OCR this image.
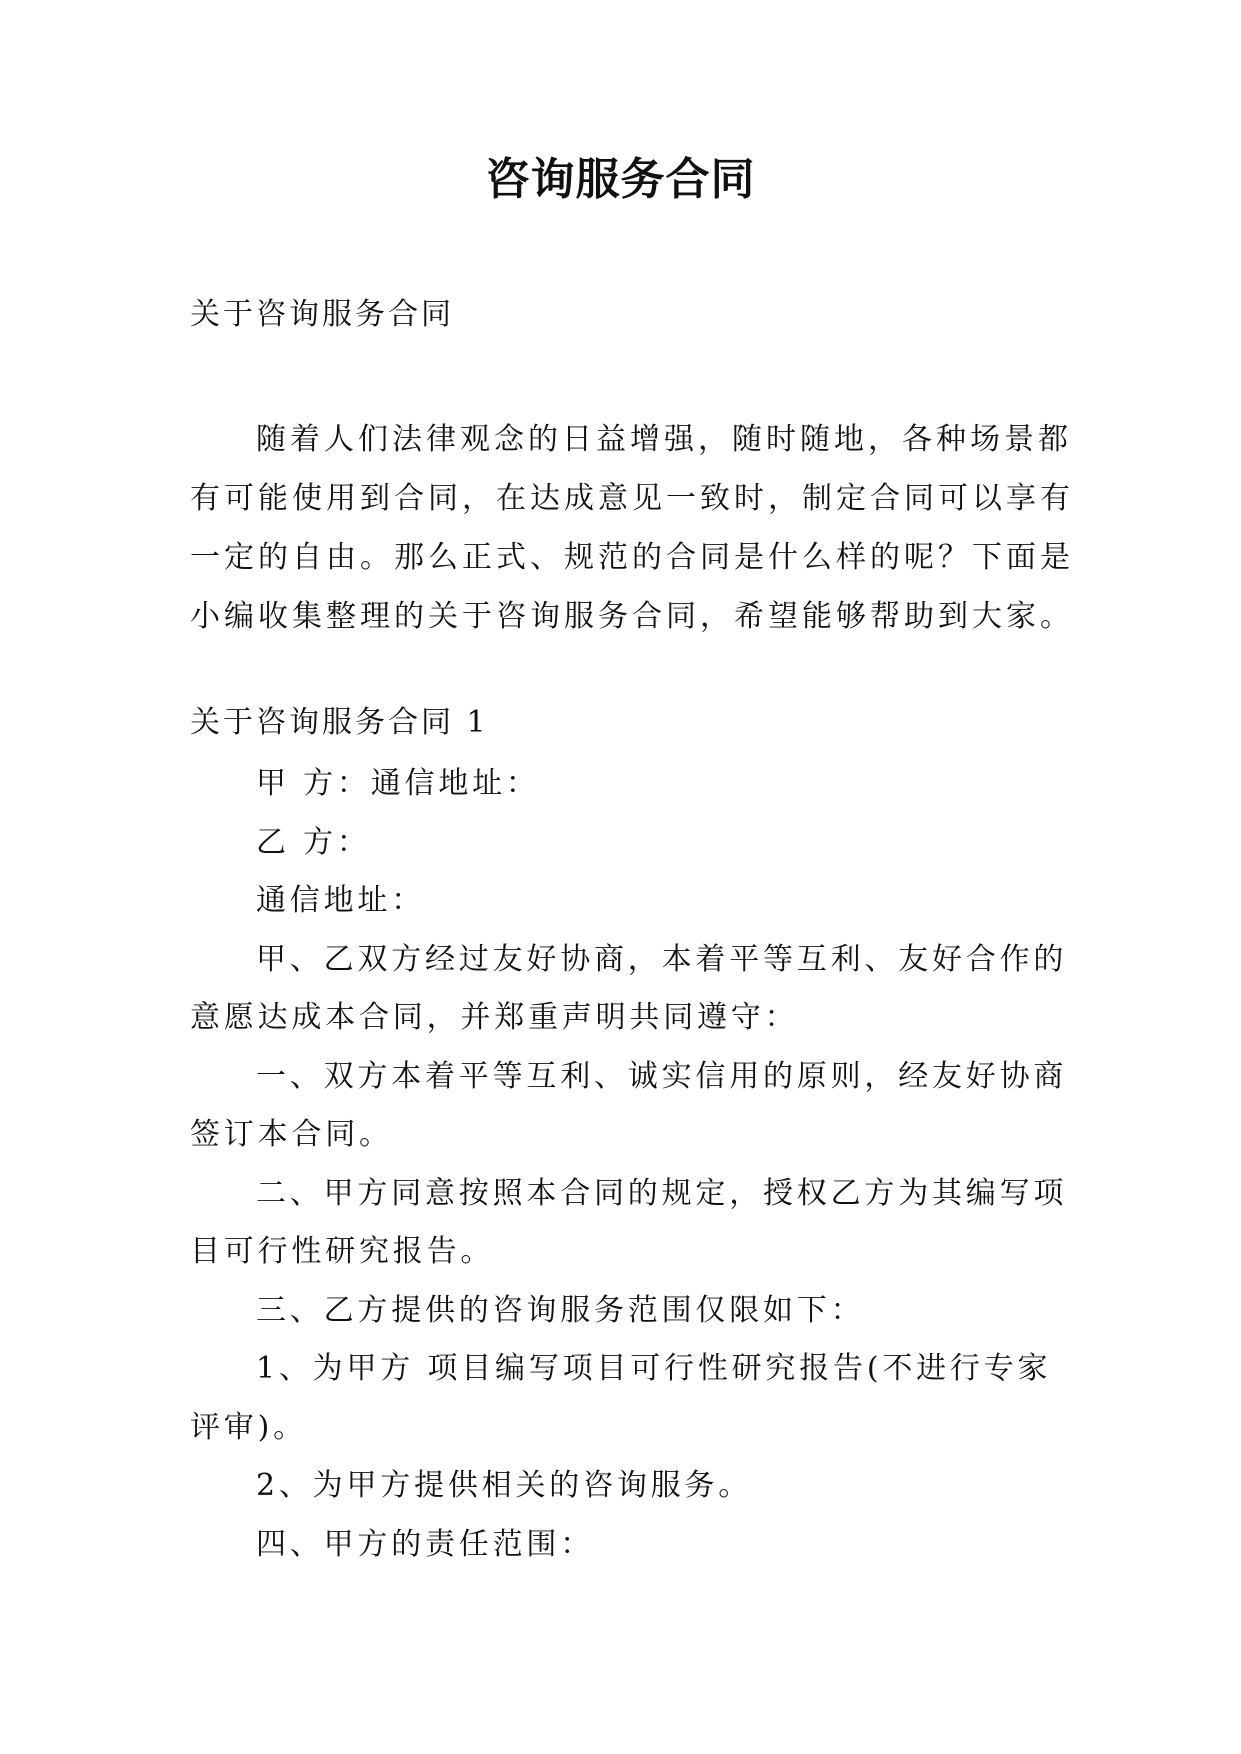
咨询服务合同

关于咨询服务合同

随着人们法律观念的日益增强，随时随地，各种场景都
有可能使用到合同，在达成意见一致时，制定合同可以享有
一定的自由。那么正式、规范的合同是什么样的呢？下面是
小编收集整理的关于咨询服务合同，希望能够帮助到大家。

关于咨询服务合同 1

甲 方：通信地址：
乙 方：
通信地址：
甲、乙双方经过友好协商，本着平等互利、友好合作的
意愿达成本合同，并郑重声明共同遵守：
一、双方本着平等互利、诚实信用的原则，经友好协商
签订本合同。
二、甲方同意按照本合同的规定，授权乙方为其编写项
目可行性研究报告。
三、乙方提供的咨询服务范围仅限如下：
1、为甲方 项目编写项目可行性研究报告(不进行专家
评审)。
2、为甲方提供相关的咨询服务。
四、甲方的责任范围：
